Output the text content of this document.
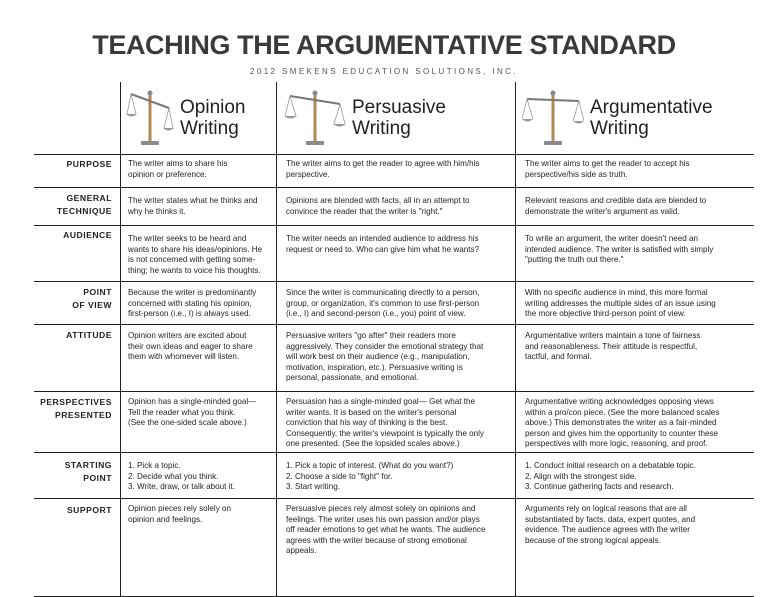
TEACHING THE ARGUMENTATIVE STANDARD
2012 SMEKENS EDUCATION SOLUTIONS, INC.
Opinion
Writing
Persuasive
Writing
Argumentative
Writing
PURPOSE The writer aims to share his
opinion or preference.
The writer aims to get the reader to agree with him/his
perspective.
The writer aims to get the reader to accept his
perspective/his side as truth.
GENERAL
TECHNIQUE
The writer states what he thinks and
why he thinks it.
Opinions are blended with facts, all in an attempt to
convince the reader that the writer is "right."
Relevant reasons and credible data are blended to
demonstrate the writer's argument as valid.
AUDIENCE The writer seeks to be heard and
wants to share his ideas/opinions. He
is not concerned with getting some-
thing; he wants to voice his thoughts.
The writer needs an intended audience to address his
request or need to. Who can give him what he wants?
To write an argument, the writer doesn't need an
intended audience. The writer is satisfied with simply
"putting the truth out there."
POINT
OF VIEW
Because the writer is predominantly
concerned with stating his opinion,
first-person (i.e., I) is always used.
Since the writer is communicating directly to a person,
group, or organization, it's common to use first-person
(i.e., I) and second-person (i.e., you) point of view.
With no specific audience in mind, this more formal
writing addresses the multiple sides of an issue using
the more objective third-person point of view.
ATTITUDE Opinion writers are excited about
their own ideas and eager to share
them with whomever will listen.
Persuasive writers "go after" their readers more
aggressively. They consider the emotional strategy that
will work best on their audience (e.g., manipulation,
motivation, inspiration, etc.). Persuasive writing is
personal, passionate, and emotional.
Argumentative writers maintain a tone of fairness
and reasonableness. Their attitude is respectful,
tactful, and formal.
PERSPECTIVES
PRESENTED
Opinion has a single-minded goal—
Tell the reader what you think.
(See the one-sided scale above.)
Persuasion has a single-minded goal— Get what the
writer wants. It is based on the writer's personal
conviction that his way of thinking is the best.
Consequently, the writer's viewpoint is typically the only
one presented. (See the lopsided scales above.)
Argumentative writing acknowledges opposing views
within a pro/con piece. (See the more balanced scales
above.) This demonstrates the writer as a fair-minded
person and gives him the opportunity to counter these
perspectives with more logic, reasoning, and proof.
STARTING
POINT
1. Pick a topic.
2. Decide what you think.
3. Write, draw, or talk about it.
1. Pick a topic of interest. (What do you want?)
2. Choose a side to "fight" for.
3. Start writing.
1. Conduct initial research on a debatable topic.
2. Align with the strongest side.
3. Continue gathering facts and research.
SUPPORT Opinion pieces rely solely on
opinion and feelings.
Persuasive pieces rely almost solely on opinions and
feelings. The writer uses his own passion and/or plays
off reader emotions to get what he wants. The audience
agrees with the writer because of strong emotional
appeals.
Arguments rely on logical reasons that are all
substantiated by facts, data, expert quotes, and
evidence. The audience agrees with the writer
because of the strong logical appeals.
